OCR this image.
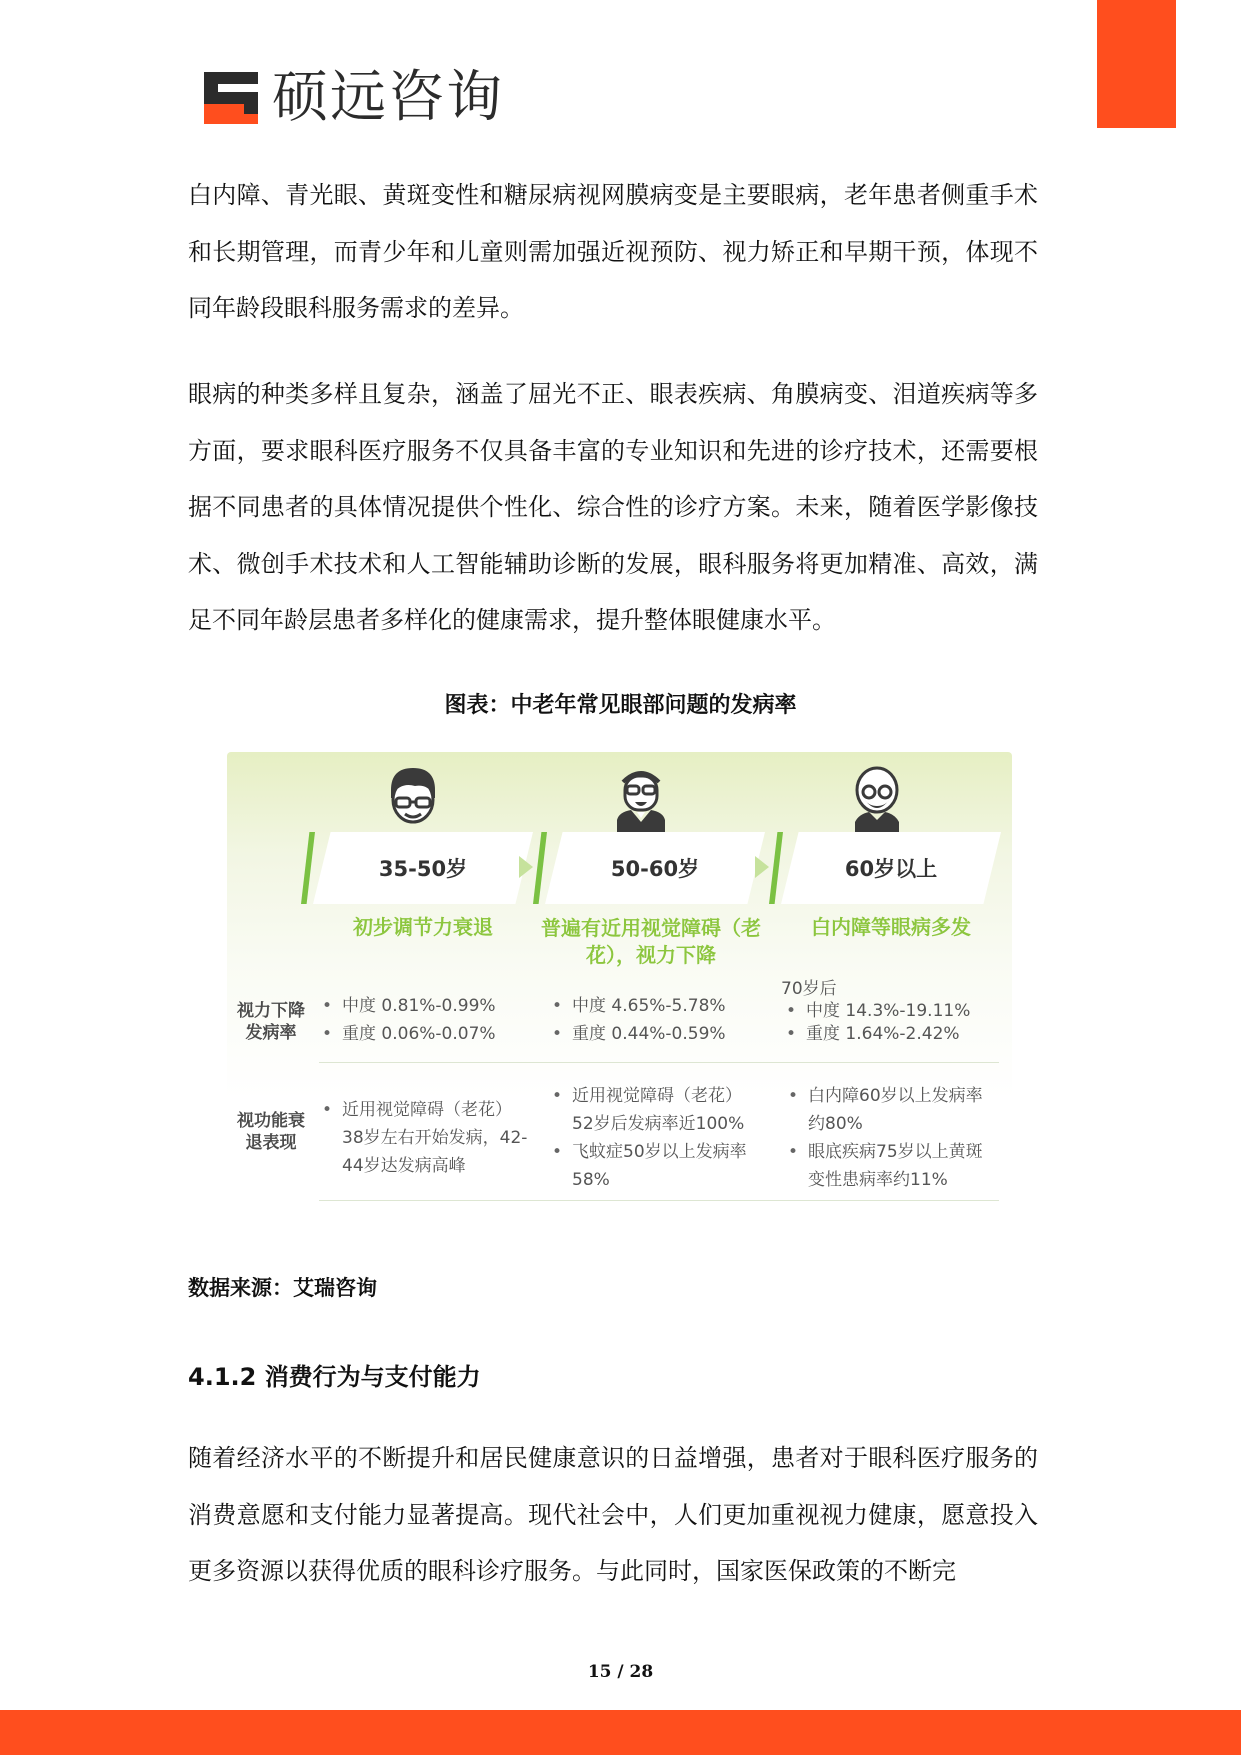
硕远咨询

白内障、青光眼、黄斑变性和糖尿病视网膜病变是主要眼病，老年患者侧重手术和长期管理，而青少年和儿童则需加强近视预防、视力矫正和早期干预，体现不同年龄段眼科服务需求的差异。

眼病的种类多样且复杂，涵盖了屈光不正、眼表疾病、角膜病变、泪道疾病等多方面，要求眼科医疗服务不仅具备丰富的专业知识和先进的诊疗技术，还需要根据不同患者的具体情况提供个性化、综合性的诊疗方案。未来，随着医学影像技术、微创手术技术和人工智能辅助诊断的发展，眼科服务将更加精准、高效，满足不同年龄层患者多样化的健康需求，提升整体眼健康水平。

图表：中老年常见眼部问题的发病率
35-50岁
初步调节力衰退
• 中度 0.81%-0.99%
• 重度 0.06%-0.07%
• 近用视觉障碍（老花）38岁左右开始发病，42-44岁达发病高峰
50-60岁
普遍有近用视觉障碍（老花），视力下降
• 中度 4.65%-5.78%
• 重度 0.44%-0.59%
• 近用视觉障碍（老花）52岁后发病率近100%
• 飞蚊症50岁以上发病率58%
60岁以上
白内障等眼病多发
70岁后
• 中度 14.3%-19.11%
• 重度 1.64%-2.42%
• 白内障60岁以上发病率约80%
• 眼底疾病75岁以上黄斑变性患病率约11%
视力下降
发病率
视功能衰
退表现
数据来源：艾瑞咨询
4.1.2 消费行为与支付能力

随着经济水平的不断提升和居民健康意识的日益增强，患者对于眼科医疗服务的消费意愿和支付能力显著提高。现代社会中，人们更加重视视力健康，愿意投入更多资源以获得优质的眼科诊疗服务。与此同时，国家医保政策的不断完

15 / 28
